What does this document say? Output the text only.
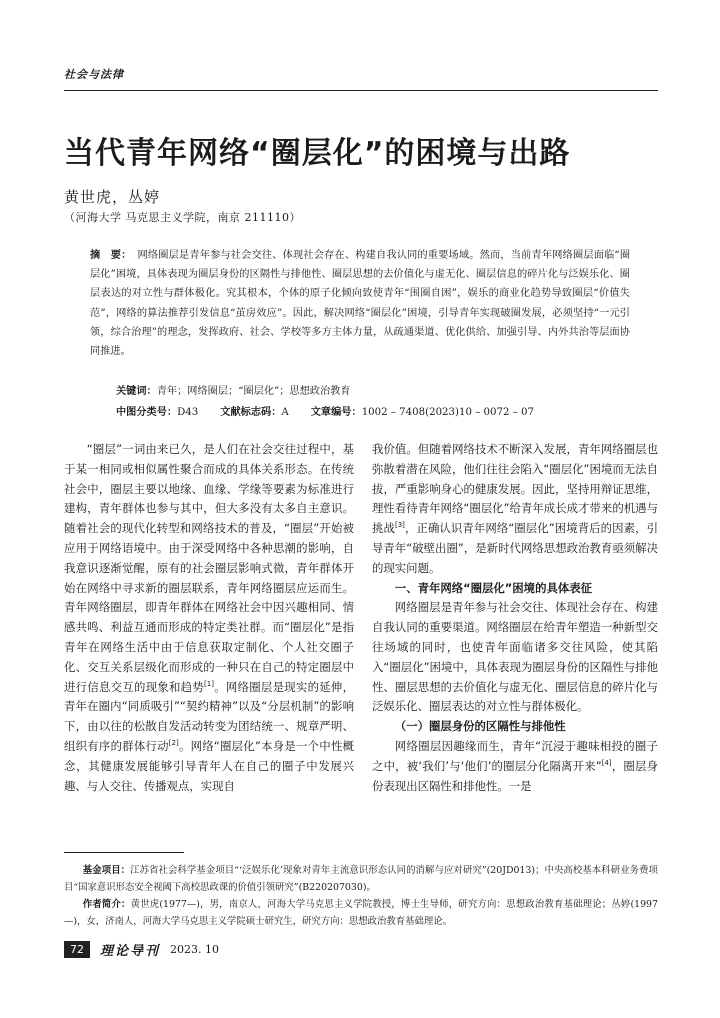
社会与法律
当代青年网络“圈层化”的困境与出路
黄世虎，丛婷
（河海大学 马克思主义学院，南京 211110）
摘　要： 网络圈层是青年参与社会交往、体现社会存在、构建自我认同的重要场域。然而，当前青年网络圈层面临“圈层化”困境，具体表现为圈层身份的区隔性与排他性、圈层思想的去价值化与虚无化、圈层信息的碎片化与泛娱乐化、圈层表达的对立性与群体极化。究其根本，个体的原子化倾向致使青年“围圈自困”，娱乐的商业化趋势导致圈层“价值失范”，网络的算法推荐引发信息“茧房效应”。因此，解决网络“圈层化”困境，引导青年实现破圈发展，必须坚持“一元引领，综合治理”的理念，发挥政府、社会、学校等多方主体力量，从疏通渠道、优化供给、加强引导、内外共治等层面协同推进。
关键词：青年；网络圈层；“圈层化”；思想政治教育
中图分类号：D43 文献标志码：A 文章编号：1002 – 7408(2023)10 – 0072 – 07

“圈层”一词由来已久，是人们在社会交往过程中，基于某一相同或相似属性聚合而成的具体关系形态。在传统社会中，圈层主要以地缘、血缘、学缘等要素为标准进行建构，青年群体也参与其中，但大多没有太多自主意识。随着社会的现代化转型和网络技术的普及，“圈层”开始被应用于网络语境中。由于深受网络中各种思潮的影响，自我意识逐渐觉醒，原有的社会圈层影响式微，青年群体开始在网络中寻求新的圈层联系，青年网络圈层应运而生。青年网络圈层，即青年群体在网络社会中因兴趣相同、情感共鸣、利益互通而形成的特定类社群。而“圈层化”是指青年在网络生活中由于信息获取定制化、个人社交圈子化、交互关系层级化而形成的一种只在自己的特定圈层中进行信息交互的现象和趋势[1]。网络圈层是现实的延伸，青年在圈内“同质吸引”“契约精神”以及“分层机制”的影响下，由以往的松散自发活动转变为团结统一、规章严明、组织有序的群体行动[2]。网络“圈层化”本身是一个中性概念，其健康发展能够引导青年人在自己的圈子中发展兴趣、与人交往、传播观点，实现自

我价值。但随着网络技术不断深入发展，青年网络圈层也弥散着潜在风险，他们往往会陷入“圈层化”困境而无法自拔，严重影响身心的健康发展。因此，坚持用辩证思维，理性看待青年网络“圈层化”给青年成长成才带来的机遇与挑战[3]，正确认识青年网络“圈层化”困境背后的因素，引导青年“破壁出圈”，是新时代网络思想政治教育亟须解决的现实问题。

一、青年网络“圈层化”困境的具体表征

网络圈层是青年参与社会交往、体现社会存在、构建自我认同的重要渠道。网络圈层在给青年塑造一种新型交往场域的同时，也使青年面临诸多交往风险，使其陷入“圈层化”困境中，具体表现为圈层身份的区隔性与排他性、圈层思想的去价值化与虚无化、圈层信息的碎片化与泛娱乐化、圈层表达的对立性与群体极化。

（一）圈层身份的区隔性与排他性

网络圈层因趣缘而生，青年“沉浸于趣味相投的圈子之中，被‘我们’与‘他们’的圈层分化隔离开来”[4]，圈层身份表现出区隔性和排他性。一是

基金项目：江苏省社会科学基金项目“‘泛娱乐化’现象对青年主流意识形态认同的消解与应对研究”(20JD013)；中央高校基本科研业务费项目“国家意识形态安全视阈下高校思政课的价值引领研究”(B220207030)。

作者简介：黄世虎(1977—)，男，南京人，河海大学马克思主义学院教授，博士生导师，研究方向：思想政治教育基础理论；丛婷(1997—)，女，济南人，河海大学马克思主义学院硕士研究生，研究方向：思想政治教育基础理论。

72	理论导刊 2023. 10
